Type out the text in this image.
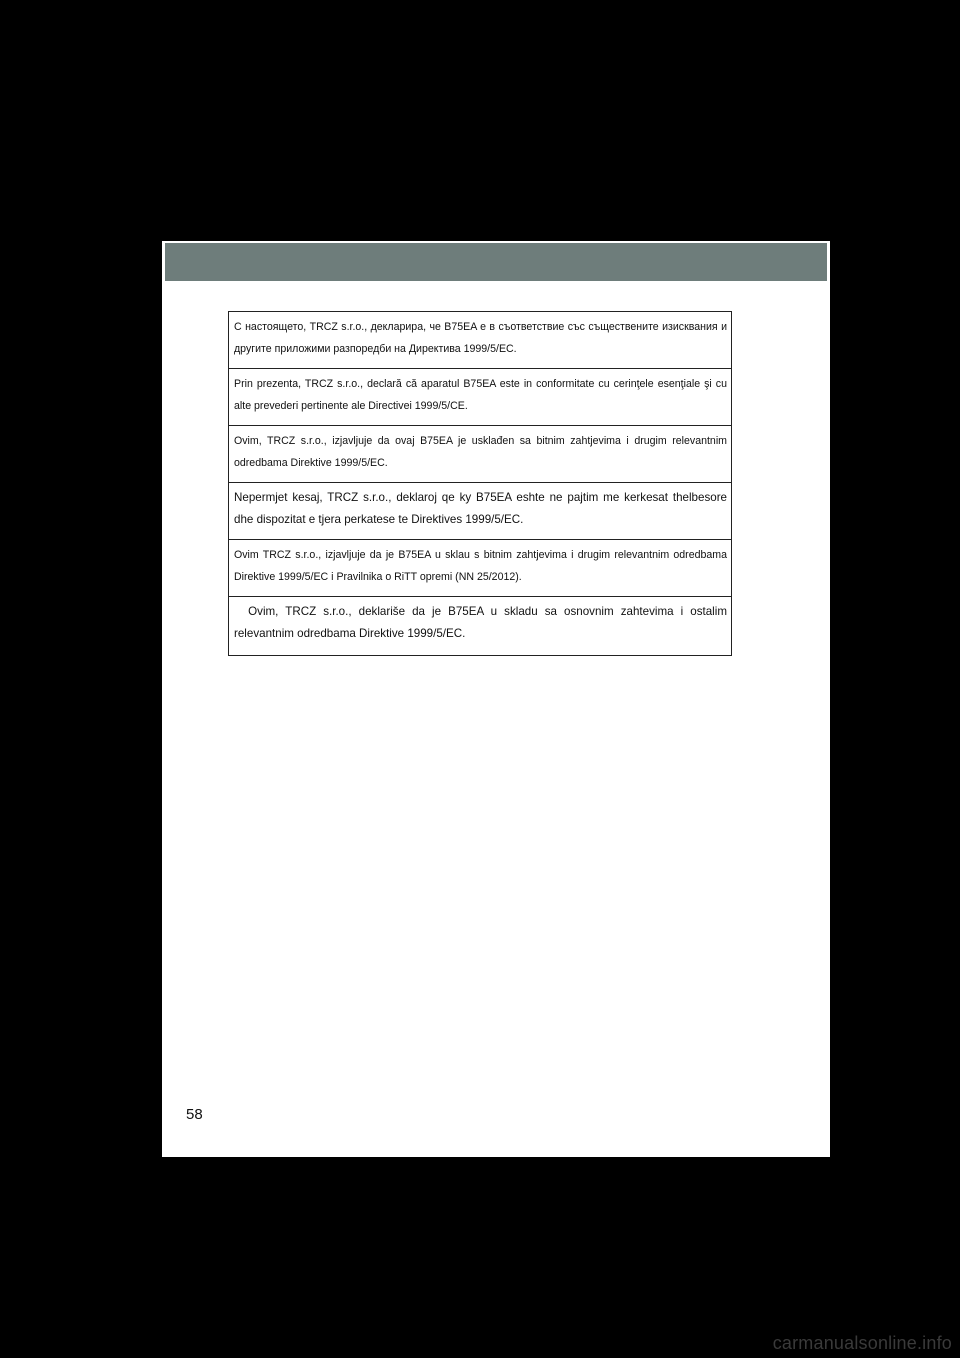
С настоящето, TRCZ s.r.o., декларира, че B75EA е в съответствие със съществените изисквания и другите приложими разпоредби на Директива 1999/5/EC.
Prin prezenta, TRCZ s.r.o., declară că aparatul B75EA este in conformitate cu cerinţele esenţiale şi cu alte prevederi pertinente ale Directivei 1999/5/CE.
Ovim, TRCZ s.r.o., izjavljuje da ovaj B75EA je usklađen sa bitnim zahtjevima i drugim relevantnim odredbama Direktive 1999/5/EC.
Nepermjet kesaj, TRCZ s.r.o., deklaroj qe ky B75EA eshte ne pajtim me kerkesat thelbesore dhe dispozitat e tjera perkatese te Direktives 1999/5/EC.
Ovim TRCZ s.r.o., izjavljuje da je B75EA u sklau s bitnim zahtjevima i drugim relevantnim odredbama Direktive 1999/5/EC i Pravilnika o RiTT opremi (NN 25/2012).
Ovim, TRCZ s.r.o., deklariše da je B75EA u skladu sa osnovnim zahtevima i ostalim relevantnim odredbama Direktive 1999/5/EC.
58
carmanualsonline.info
